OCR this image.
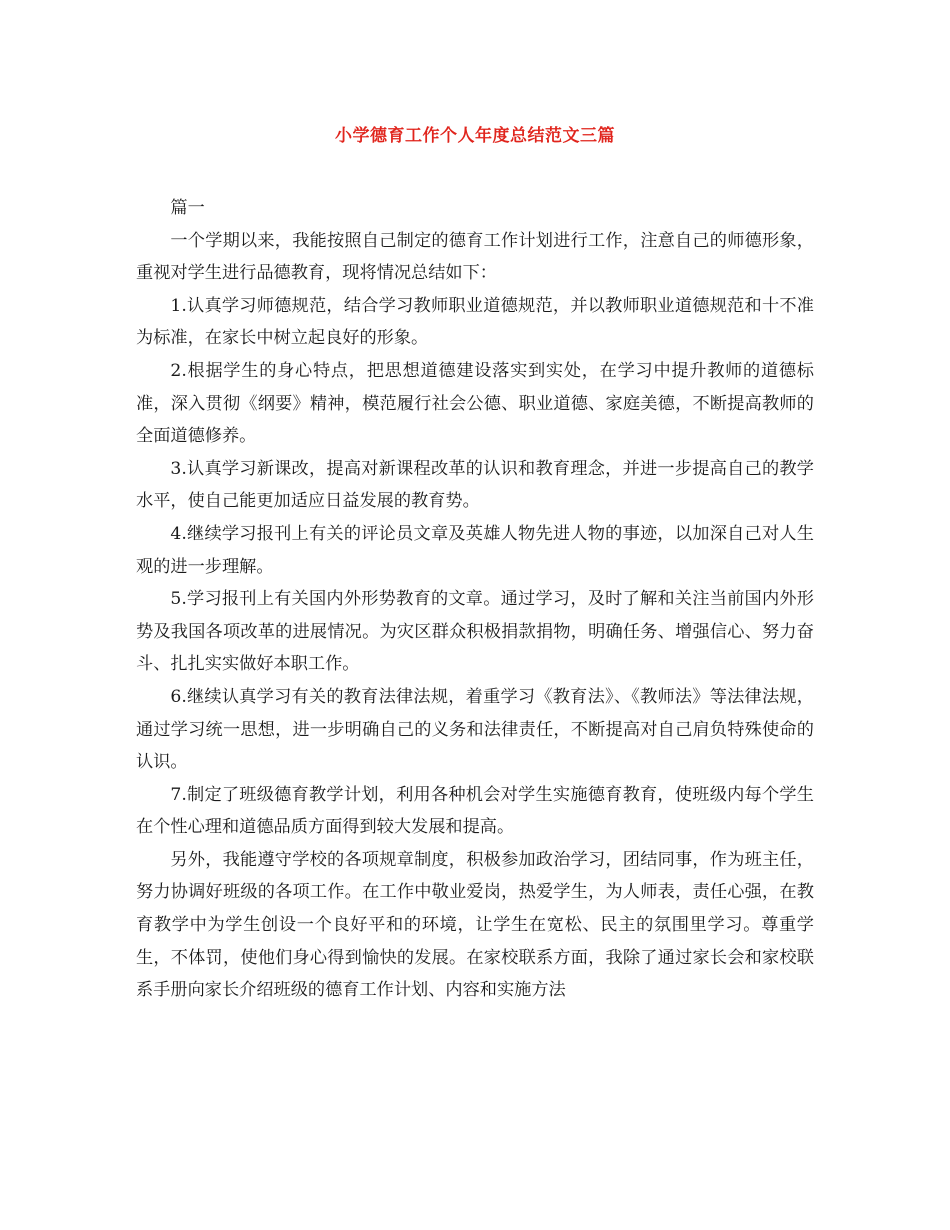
小学德育工作个人年度总结范文三篇

篇一

一个学期以来，我能按照自己制定的德育工作计划进行工作，注意自己的师德形象，重视对学生进行品德教育，现将情况总结如下：

1.认真学习师德规范，结合学习教师职业道德规范，并以教师职业道德规范和十不准为标准，在家长中树立起良好的形象。

2.根据学生的身心特点，把思想道德建设落实到实处，在学习中提升教师的道德标准，深入贯彻《纲要》精神，模范履行社会公德、职业道德、家庭美德，不断提高教师的全面道德修养。

3.认真学习新课改，提高对新课程改革的认识和教育理念，并进一步提高自己的教学水平，使自己能更加适应日益发展的教育势。

4.继续学习报刊上有关的评论员文章及英雄人物先进人物的事迹，以加深自己对人生观的进一步理解。

5.学习报刊上有关国内外形势教育的文章。通过学习，及时了解和关注当前国内外形势及我国各项改革的进展情况。为灾区群众积极捐款捐物，明确任务、增强信心、努力奋斗、扎扎实实做好本职工作。

6.继续认真学习有关的教育法律法规，着重学习《教育法》、《教师法》等法律法规，通过学习统一思想，进一步明确自己的义务和法律责任，不断提高对自己肩负特殊使命的认识。

7.制定了班级德育教学计划，利用各种机会对学生实施德育教育，使班级内每个学生在个性心理和道德品质方面得到较大发展和提高。

另外，我能遵守学校的各项规章制度，积极参加政治学习，团结同事，作为班主任，努力协调好班级的各项工作。在工作中敬业爱岗，热爱学生，为人师表，责任心强，在教育教学中为学生创设一个良好平和的环境，让学生在宽松、民主的氛围里学习。尊重学生，不体罚，使他们身心得到愉快的发展。在家校联系方面，我除了通过家长会和家校联系手册向家长介绍班级的德育工作计划、内容和实施方法
